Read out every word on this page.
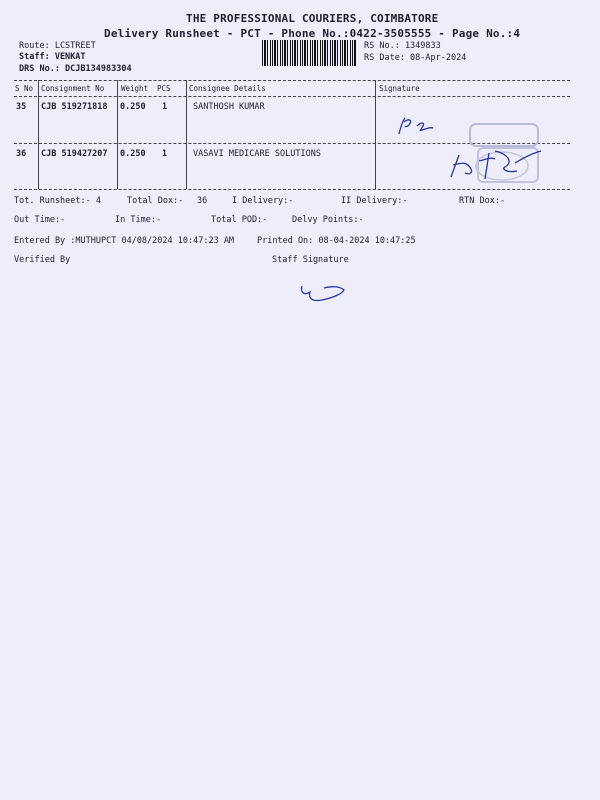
THE PROFESSIONAL COURIERS, COIMBATORE
Delivery Runsheet - PCT - Phone No.:0422-3505555 - Page No.:4
Route: LCSTREET
Staff: VENKAT
DRS No.: DCJB134983304
RS No.: 1349833
RS Date: 08-Apr-2024
S No Consignment No Weight PCS Consignee Details	Signature
35 CJB 519271818 0.250 1	SANTHOSH KUMAR
36 CJB 519427207 0.250 1	VASAVI MEDICARE SOLUTIONS
Tot. Runsheet:- 4	Total Dox:- 36	I Delivery:-	II Delivery:-	RTN Dox:-
Out Time:-	In Time:-	Total POD:-	Delvy Points:-
Entered By :MUTHUPCT 04/08/2024 10:47:23 AM	Printed On: 08-04-2024 10:47:25
Verified By	Staff Signature
